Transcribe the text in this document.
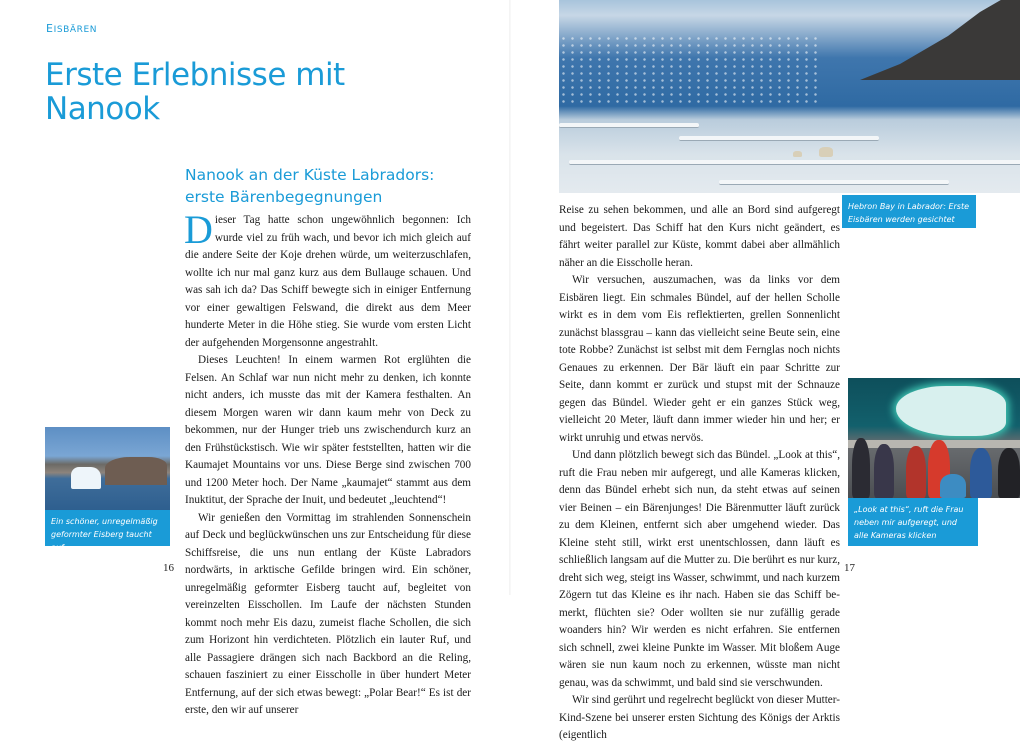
EISBÄREN
Erste Erlebnisse mit
Nanook
Nanook an der Küste Labradors:
erste Bärenbegegnungen

Dieser Tag hatte schon ungewöhnlich begonnen: Ich wurde viel zu früh wach, und bevor ich mich gleich auf die andere Seite der Koje drehen würde, um weiterzuschlafen, wollte ich nur mal ganz kurz aus dem Bullauge schauen. Und was sah ich da? Das Schiff bewegte sich in einiger Entfernung vor einer gewaltigen Felswand, die direkt aus dem Meer hunderte Meter in die Höhe stieg. Sie wurde vom ersten Licht der aufgehenden Morgensonne angestrahlt.

Dieses Leuchten! In einem warmen Rot erglühten die Felsen. An Schlaf war nun nicht mehr zu denken, ich konnte nicht anders, ich musste das mit der Kamera festhalten. An diesem Morgen waren wir dann kaum mehr von Deck zu bekommen, nur der Hunger trieb uns zwischendurch kurz an den Frühstückstisch. Wie wir später feststellten, hatten wir die Kaumajet Mountains vor uns. Diese Berge sind zwischen 700 und 1200 Meter hoch. Der Name „kaumajet“ stammt aus dem Inuktitut, der Sprache der Inuit, und bedeutet „leuchtend“!

Wir genießen den Vormittag im strahlenden Sonnenschein auf Deck und beglückwünschen uns zur Entscheidung für diese Schiffsreise, die uns nun entlang der Küste Labradors nordwärts, in arktische Gefilde bringen wird. Ein schöner, unregelmäßig geformter Eisberg taucht auf, begleitet von vereinzelten Eisschollen. Im Laufe der nächsten Stunden kommt noch mehr Eis dazu, zumeist flache Schollen, die sich zum Horizont hin verdichteten. Plötzlich ein lauter Ruf, und alle Passagiere drängen sich nach Backbord an die Reling, schauen fasziniert zu einer Eisscholle in über hundert Meter Entfernung, auf der sich etwas bewegt: „Polar Bear!“ Es ist der erste, den wir auf unserer

Ein schöner, unregelmäßig geformter Eisberg taucht auf
16
Hebron Bay in Labrador: Erste Eisbären werden gesichtet

Reise zu sehen bekommen, und alle an Bord sind aufgeregt und begeistert. Das Schiff hat den Kurs nicht geändert, es fährt weiter parallel zur Küste, kommt dabei aber allmählich näher an die Eisscholle heran.

Wir versuchen, auszumachen, was da links vor dem Eisbären liegt. Ein schmales Bündel, auf der hellen Scholle wirkt es in dem vom Eis reflektierten, grellen Sonnenlicht zunächst blassgrau – kann das vielleicht seine Beute sein, eine tote Robbe? Zunächst ist selbst mit dem Fernglas noch nichts Genaues zu erkennen. Der Bär läuft ein paar Schritte zur Seite, dann kommt er zurück und stupst mit der Schnauze gegen das Bündel. Wieder geht er ein ganzes Stück weg, vielleicht 20 Meter, läuft dann immer wieder hin und her; er wirkt unruhig und etwas nervös.

Und dann plötzlich bewegt sich das Bündel. „Look at this“, ruft die Frau neben mir aufgeregt, und alle Kameras klicken, denn das Bündel erhebt sich nun, da steht etwas auf seinen vier Beinen – ein Bärenjunges! Die Bärenmutter läuft zurück zu dem Kleinen, entfernt sich aber umgehend wieder. Das Kleine steht still, wirkt erst unentschlossen, dann läuft es schließlich langsam auf die Mutter zu. Die berührt es nur kurz, dreht sich weg, steigt ins Wasser, schwimmt, und nach kurzem Zögern tut das Kleine es ihr nach. Haben sie das Schiff bemerkt, flüchten sie? Oder wollten sie nur zufällig gerade woanders hin? Wir werden es nicht erfahren. Sie entfernen sich schnell, zwei kleine Punkte im Wasser. Mit bloßem Auge wären sie nun kaum noch zu erkennen, wüsste man nicht genau, was da schwimmt, und bald sind sie verschwunden.

Wir sind gerührt und regelrecht beglückt von dieser Mutter-Kind-Szene bei unserer ersten Sichtung des Königs der Arktis (eigentlich

„Look at this“, ruft die Frau neben mir aufgeregt, und alle Kameras klicken
17
